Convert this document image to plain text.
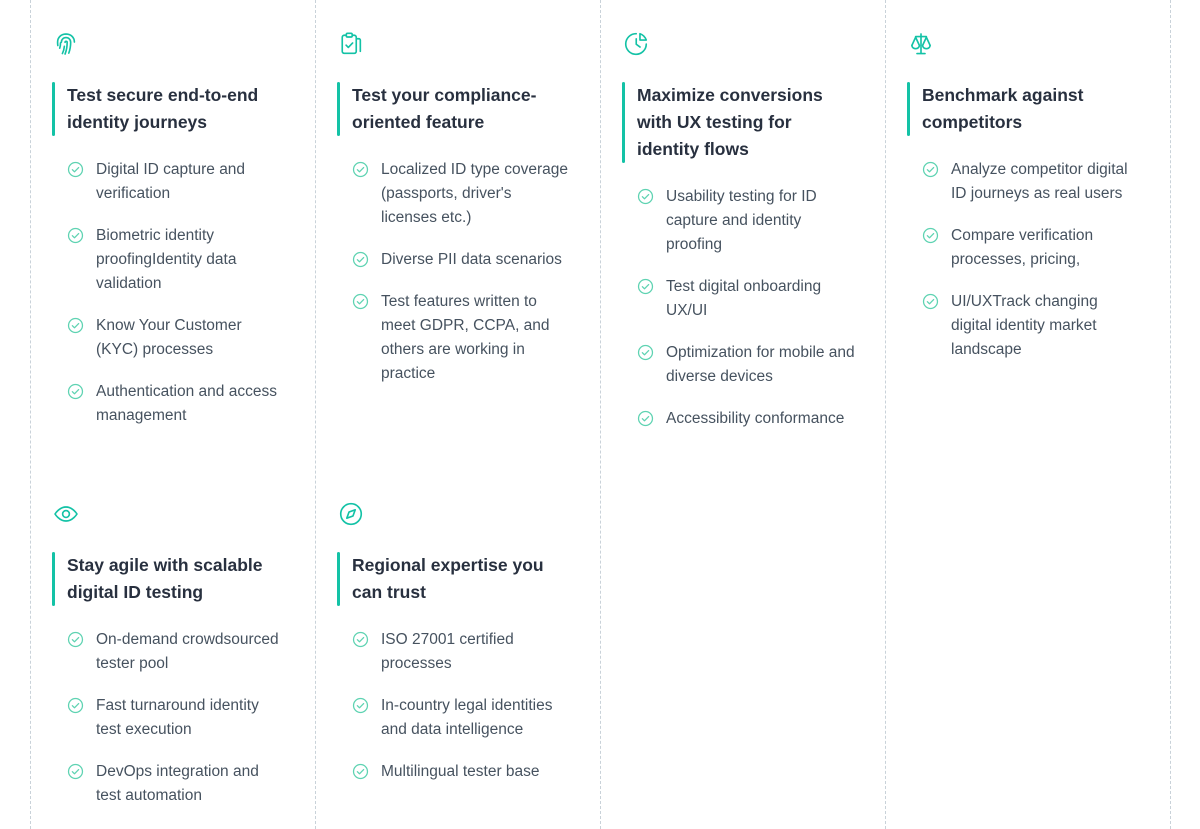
Test secure end-to-end identity journeys
Digital ID capture and verification
Biometric identity proofingIdentity data validation
Know Your Customer (KYC) processes
Authentication and access management
Test your compliance-oriented feature
Localized ID type coverage (passports, driver's licenses etc.)
Diverse PII data scenarios
Test features written to meet GDPR, CCPA, and others are working in practice
Maximize conversions with UX testing for identity flows
Usability testing for ID capture and identity proofing
Test digital onboarding UX/UI
Optimization for mobile and diverse devices
Accessibility conformance
Benchmark against competitors
Analyze competitor digital ID journeys as real users
Compare verification processes, pricing,
UI/UXTrack changing digital identity market landscape
Stay agile with scalable digital ID testing
On-demand crowdsourced tester pool
Fast turnaround identity test execution
DevOps integration and test automation
Regional expertise you can trust
ISO 27001 certified processes
In-country legal identities and data intelligence
Multilingual tester base
